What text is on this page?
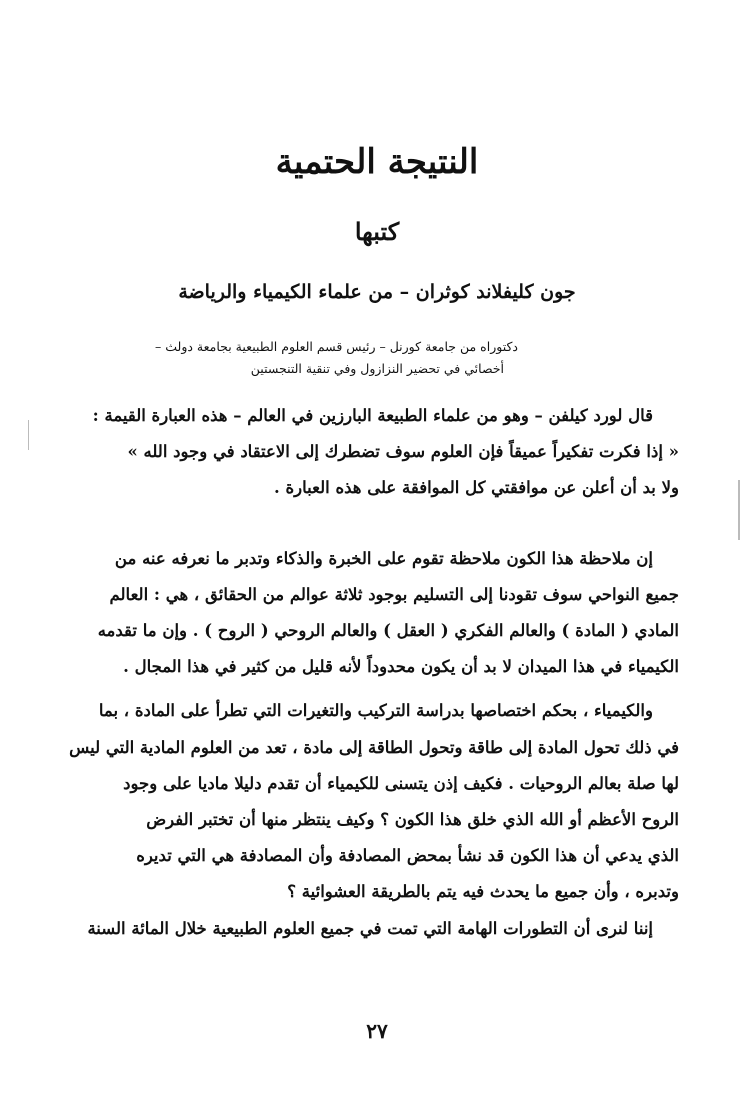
النتيجة الحتمية
كتبها
جون كليفلاند كوثران – من علماء الكيمياء والرياضة
دكتوراه من جامعة كورنل – رئيس قسم العلوم الطبيعية بجامعة دولث –
أخصائي في تحضير النزازول وفي تنقية التنجستين

قال لورد كيلفن – وهو من علماء الطبيعة البارزين في العالم – هذه العبارة القيمة :
« إذا فكرت تفكيراً عميقاً فإن العلوم سوف تضطرك إلى الاعتقاد في وجود الله »
ولا بد أن أعلن عن موافقتي كل الموافقة على هذه العبارة .

إن ملاحظة هذا الكون ملاحظة تقوم على الخبرة والذكاء وتدبر ما نعرفه عنه من
جميع النواحي سوف تقودنا إلى التسليم بوجود ثلاثة عوالم من الحقائق ، هي : العالم
المادي ( المادة ) والعالم الفكري ( العقل ) والعالم الروحي ( الروح ) . وإن ما تقدمه
الكيمياء في هذا الميدان لا بد أن يكون محدوداً لأنه قليل من كثير في هذا المجال .

والكيمياء ، بحكم اختصاصها بدراسة التركيب والتغيرات التي تطرأ على المادة ، بما
في ذلك تحول المادة إلى طاقة وتحول الطاقة إلى مادة ، تعد من العلوم المادية التي ليس
لها صلة بعالم الروحيات . فكيف إذن يتسنى للكيمياء أن تقدم دليلا ماديا على وجود
الروح الأعظم أو الله الذي خلق هذا الكون ؟ وكيف ينتظر منها أن تختبر الفرض
الذي يدعي أن هذا الكون قد نشأ بمحض المصادفة وأن المصادفة هي التي تديره
وتدبره ، وأن جميع ما يحدث فيه يتم بالطريقة العشوائية ؟

إننا لنرى أن التطورات الهامة التي تمت في جميع العلوم الطبيعية خلال المائة السنة

٢٧
